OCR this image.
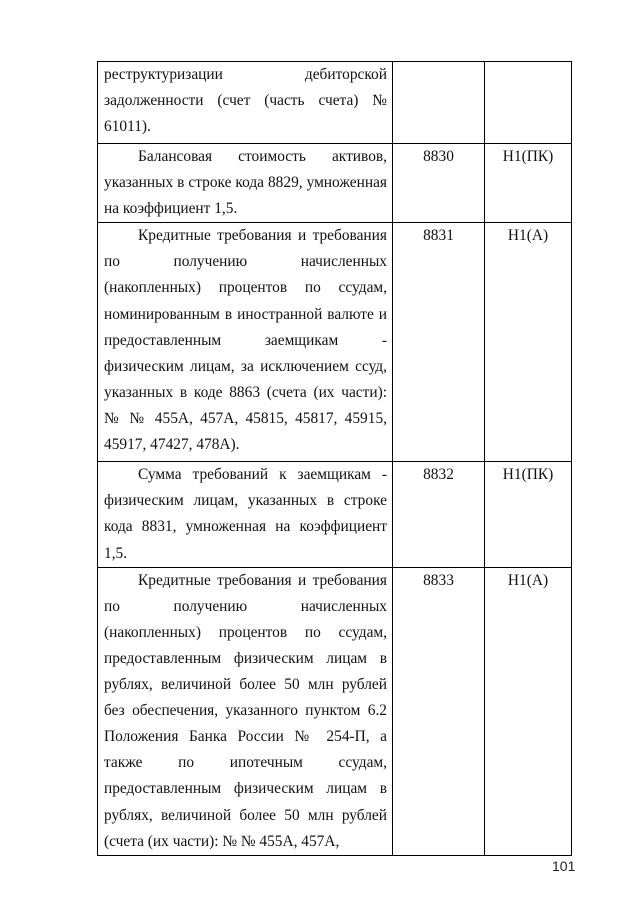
реструктуризации дебиторской задолженности (счет (часть счета) № 61011).		

Балансовая стоимость активов, указанных в строке кода 8829, умноженная на коэффициент 1,5.	8830	Н1(ПК)

Кредитные требования и требования по получению начисленных (накопленных) процентов по ссудам, номинированным в иностранной валюте и предоставленным заемщикам - физическим лицам, за исключением ссуд, указанных в коде 8863 (счета (их части): № № 455А, 457А, 45815, 45817, 45915, 45917, 47427, 478А).	8831	Н1(А)

Сумма требований к заемщикам - физическим лицам, указанных в строке кода 8831, умноженная на коэффициент 1,5.	8832	Н1(ПК)

Кредитные требования и требования по получению начисленных (накопленных) процентов по ссудам, предоставленным физическим лицам в рублях, величиной более 50 млн рублей без обеспечения, указанного пунктом 6.2 Положения Банка России № 254-П, а также по ипотечным ссудам, предоставленным физическим лицам в рублях, величиной более 50 млн рублей (счета (их части): № № 455А, 457А,	8833	Н1(А)
101
